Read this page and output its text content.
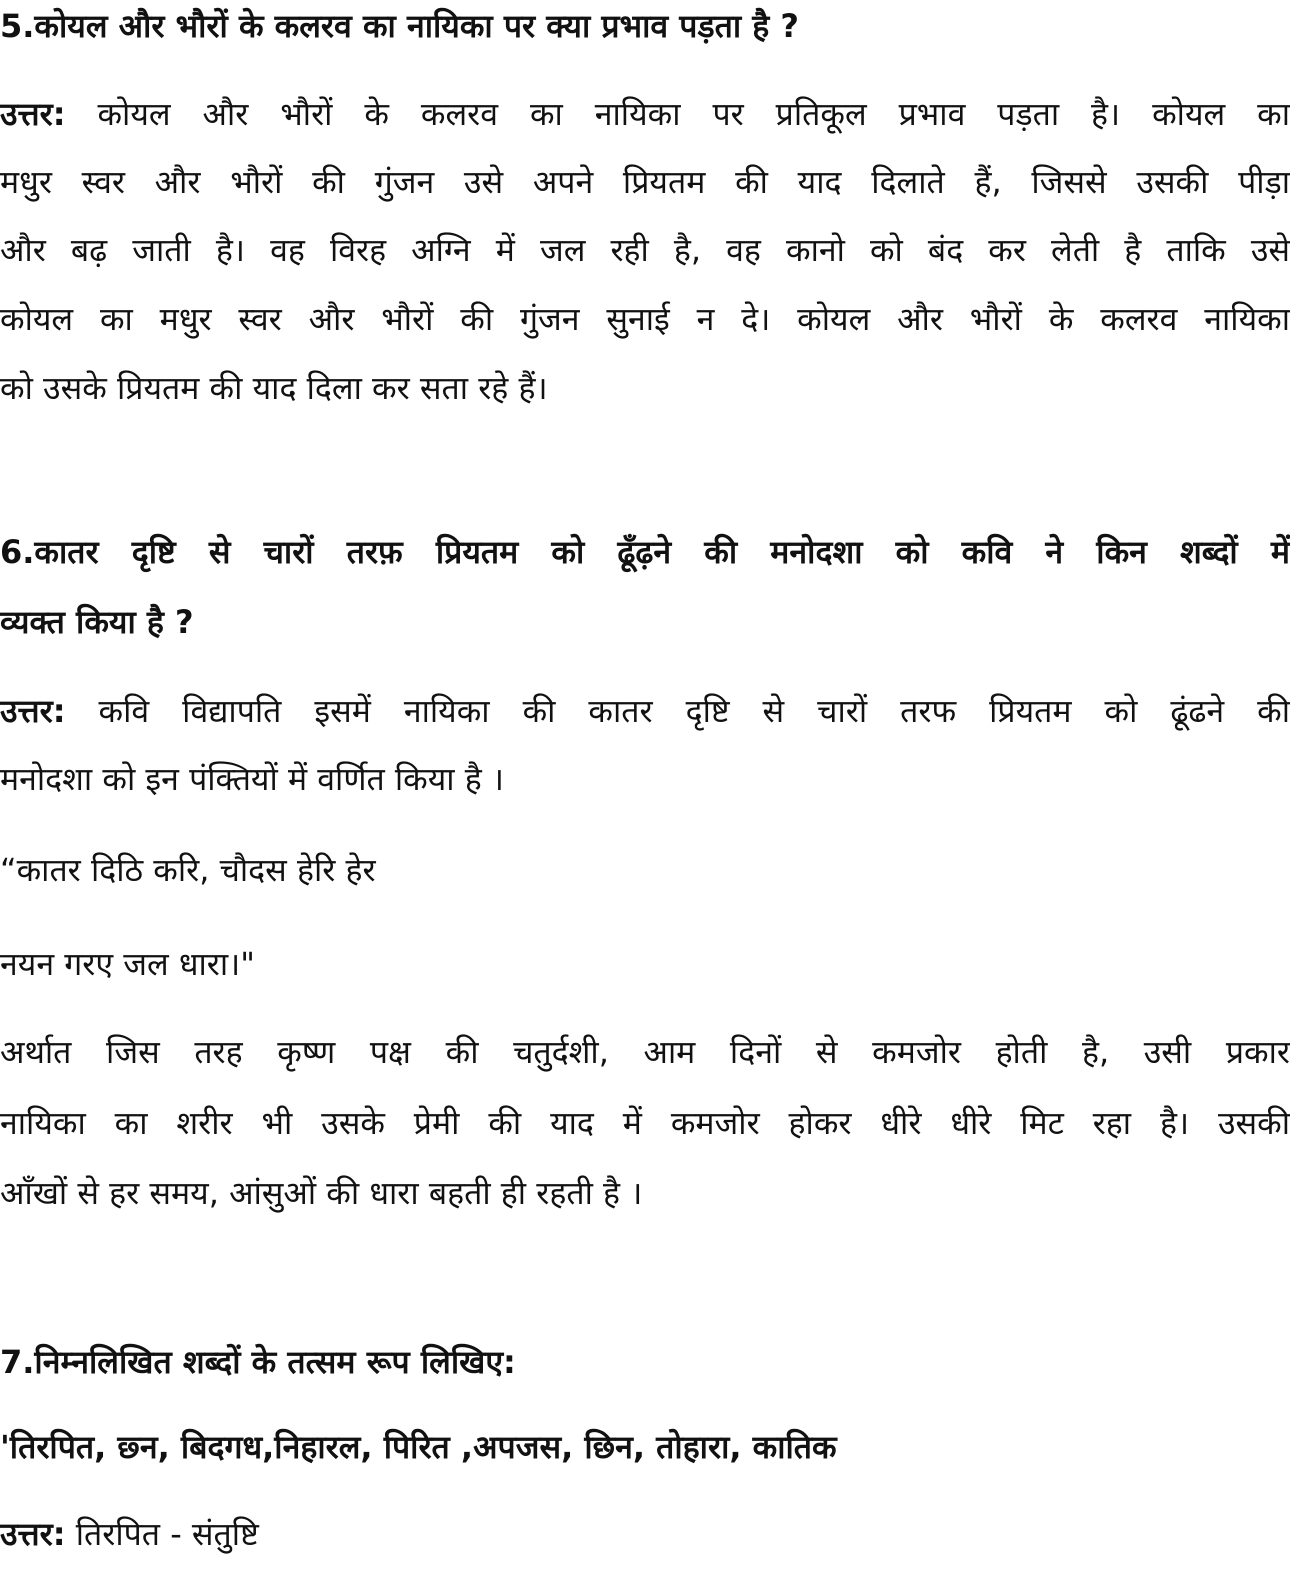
5.कोयल और भौरों के कलरव का नायिका पर क्या प्रभाव पड़ता है ?
उत्तर: कोयल और भौरों के कलरव का नायिका पर प्रतिकूल प्रभाव पड़ता है। कोयल का
मधुर स्वर और भौरों की गुंजन उसे अपने प्रियतम की याद दिलाते हैं, जिससे उसकी पीड़ा
और बढ़ जाती है। वह विरह अग्नि में जल रही है, वह कानो को बंद कर लेती है ताकि उसे
कोयल का मधुर स्वर और भौरों की गुंजन सुनाई न दे। कोयल और भौरों के कलरव नायिका
को उसके प्रियतम की याद दिला कर सता रहे हैं।
6.कातर दृष्टि से चारों तरफ़ प्रियतम को ढूँढ़ने की मनोदशा को कवि ने किन शब्दों में
व्यक्त किया है ?
उत्तर: कवि विद्यापति इसमें नायिका की कातर दृष्टि से चारों तरफ प्रियतम को ढूंढने की
मनोदशा को इन पंक्तियों में वर्णित किया है ।
“कातर दिठि करि, चौदस हेरि हेर
नयन गरए जल धारा।"
अर्थात जिस तरह कृष्ण पक्ष की चतुर्दशी, आम दिनों से कमजोर होती है, उसी प्रकार
नायिका का शरीर भी उसके प्रेमी की याद में कमजोर होकर धीरे धीरे मिट रहा है। उसकी
आँखों से हर समय, आंसुओं की धारा बहती ही रहती है ।
7.निम्नलिखित शब्दों के तत्सम रूप लिखिए:
'तिरपित, छ्न, बिदगध,निहारल, पिरित ,अपजस, छिन, तोहारा, कातिक
उत्तर: तिरपित - संतुष्टि
